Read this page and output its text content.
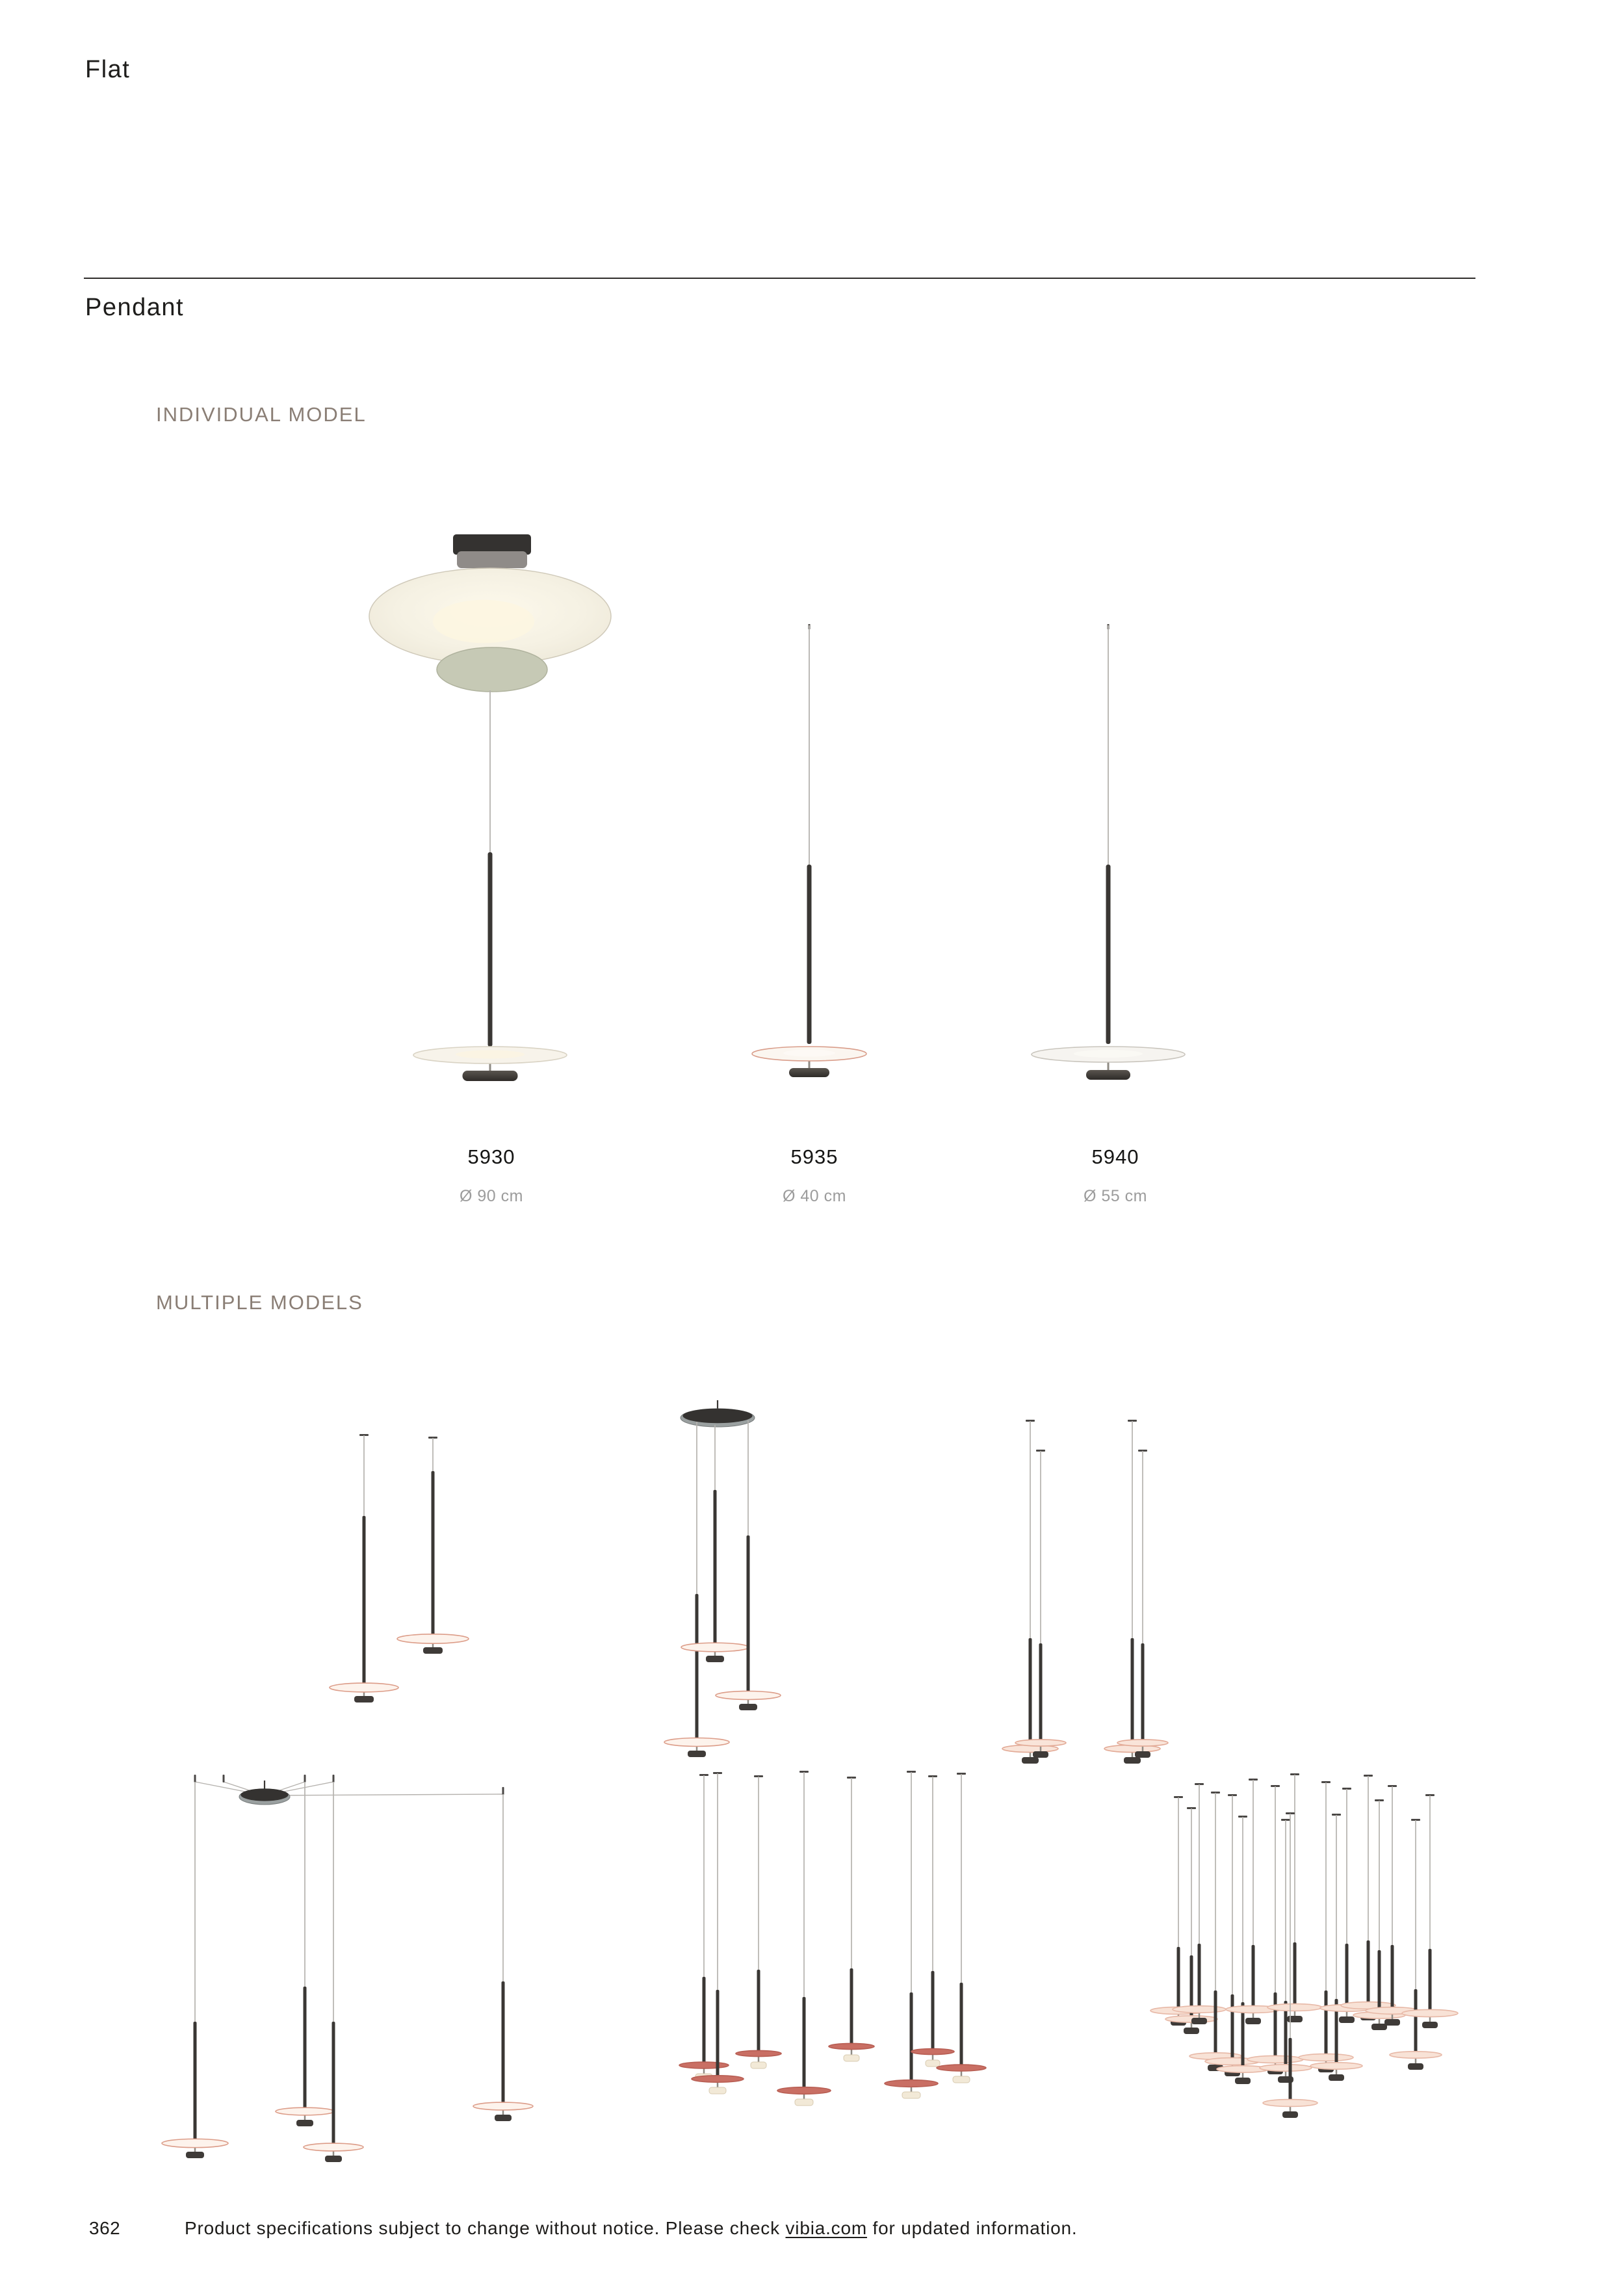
Flat
Pendant
INDIVIDUAL MODEL
MULTIPLE MODELS
5930
Ø 90 cm
5935
Ø 40 cm
5940
Ø 55 cm
362	Product specifications subject to change without notice. Please check vibia.com for updated information.
